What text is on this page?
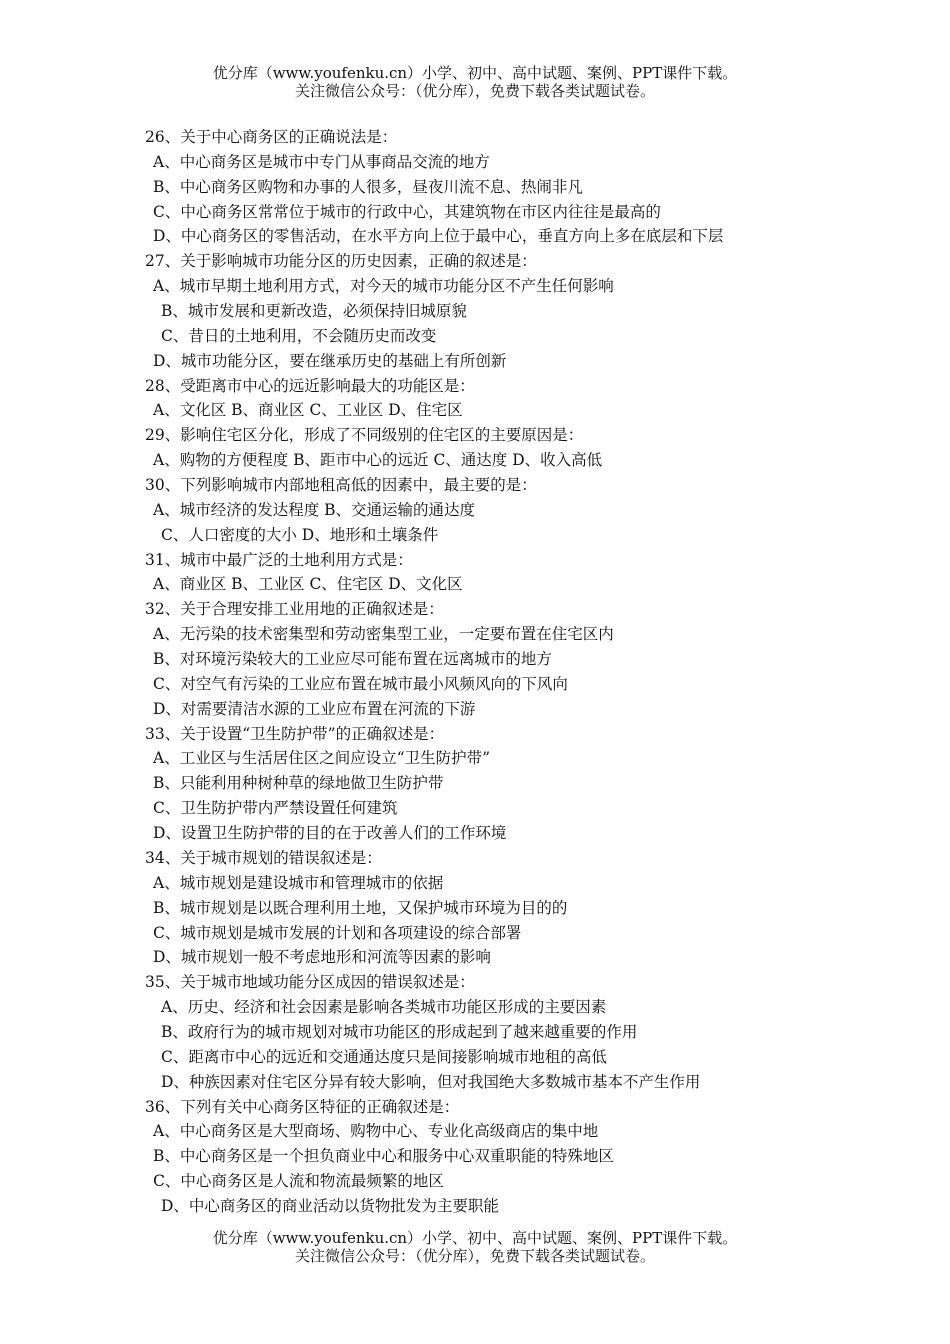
优分库（www.youfenku.cn）小学、初中、高中试题、案例、PPT课件下载。
关注微信公众号：（优分库），免费下载各类试题试卷。
26、关于中心商务区的正确说法是：
A、中心商务区是城市中专门从事商品交流的地方
B、中心商务区购物和办事的人很多，昼夜川流不息、热闹非凡
C、中心商务区常常位于城市的行政中心，其建筑物在市区内往往是最高的
D、中心商务区的零售活动，在水平方向上位于最中心，垂直方向上多在底层和下层
27、关于影响城市功能分区的历史因素，正确的叙述是：
A、城市早期土地利用方式，对今天的城市功能分区不产生任何影响
B、城市发展和更新改造，必须保持旧城原貌
C、昔日的土地利用，不会随历史而改变
D、城市功能分区，要在继承历史的基础上有所创新
28、受距离市中心的远近影响最大的功能区是：
A、文化区 B、商业区 C、工业区 D、住宅区
29、影响住宅区分化，形成了不同级别的住宅区的主要原因是：
A、购物的方便程度 B、距市中心的远近 C、通达度 D、收入高低
30、下列影响城市内部地租高低的因素中，最主要的是：
A、城市经济的发达程度 B、交通运输的通达度
C、人口密度的大小 D、地形和土壤条件
31、城市中最广泛的土地利用方式是：
A、商业区 B、工业区 C、住宅区 D、文化区
32、关于合理安排工业用地的正确叙述是：
A、无污染的技术密集型和劳动密集型工业，一定要布置在住宅区内
B、对环境污染较大的工业应尽可能布置在远离城市的地方
C、对空气有污染的工业应布置在城市最小风频风向的下风向
D、对需要清洁水源的工业应布置在河流的下游
33、关于设置“卫生防护带”的正确叙述是：
A、工业区与生活居住区之间应设立“卫生防护带”
B、只能利用种树种草的绿地做卫生防护带
C、卫生防护带内严禁设置任何建筑
D、设置卫生防护带的目的在于改善人们的工作环境
34、关于城市规划的错误叙述是：
A、城市规划是建设城市和管理城市的依据
B、城市规划是以既合理利用土地，又保护城市环境为目的的
C、城市规划是城市发展的计划和各项建设的综合部署
D、城市规划一般不考虑地形和河流等因素的影响
35、关于城市地域功能分区成因的错误叙述是：
A、历史、经济和社会因素是影响各类城市功能区形成的主要因素
B、政府行为的城市规划对城市功能区的形成起到了越来越重要的作用
C、距离市中心的远近和交通通达度只是间接影响城市地租的高低
D、种族因素对住宅区分异有较大影响，但对我国绝大多数城市基本不产生作用
36、下列有关中心商务区特征的正确叙述是：
A、中心商务区是大型商场、购物中心、专业化高级商店的集中地
B、中心商务区是一个担负商业中心和服务中心双重职能的特殊地区
C、中心商务区是人流和物流最频繁的地区
D、中心商务区的商业活动以货物批发为主要职能
优分库（www.youfenku.cn）小学、初中、高中试题、案例、PPT课件下载。
关注微信公众号：（优分库），免费下载各类试题试卷。
